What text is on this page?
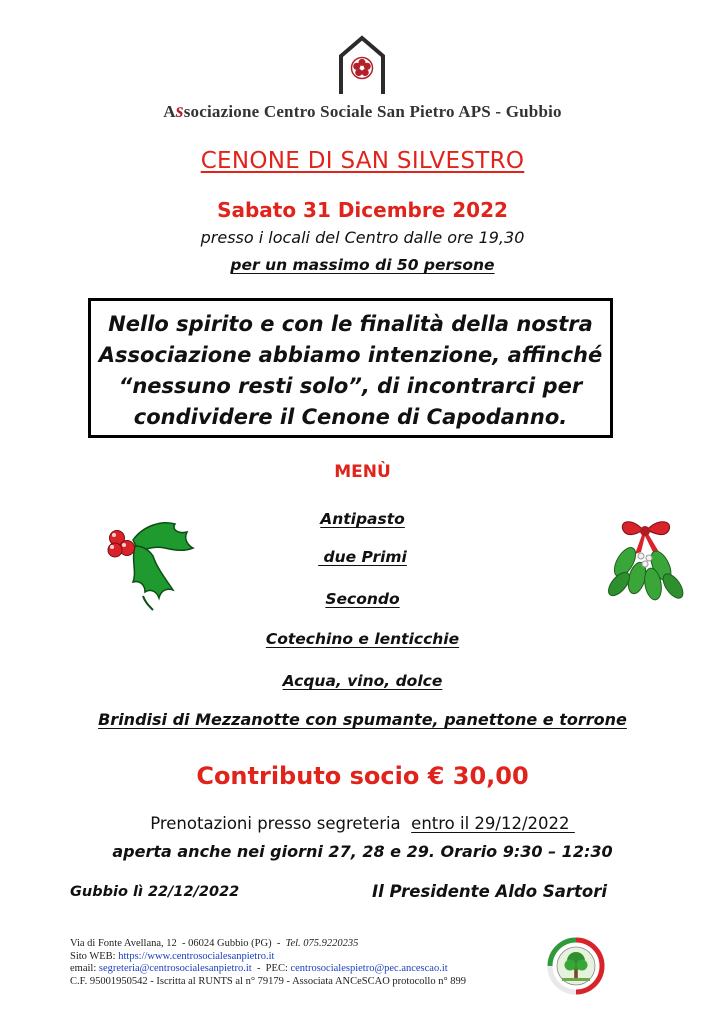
Associazione Centro Sociale San Pietro APS - Gubbio
CENONE DI SAN SILVESTRO
Sabato 31 Dicembre 2022
presso i locali del Centro dalle ore 19,30
per un massimo di 50 persone
Nello spirito e con le finalità della nostra
Associazione abbiamo intenzione, affinché
“nessuno resti solo”, di incontrarci per
condividere il Cenone di Capodanno.
MENÙ
Antipasto
due Primi
Secondo
Cotechino e lenticchie
Acqua, vino, dolce
Brindisi di Mezzanotte con spumante, panettone e torrone
Contributo socio € 30,00
Prenotazioni presso segreteria  entro il 29/12/2022
aperta anche nei giorni 27, 28 e 29. Orario 9:30 – 12:30
Gubbio lì 22/12/2022	Il Presidente Aldo Sartori
Via di Fonte Avellana, 12  - 06024 Gubbio (PG)  -  Tel. 075.9220235
Sito WEB: https://www.centrosocialesanpietro.it
email: segreteria@centrosocialesanpietro.it  -  PEC: centrosocialespietro@pec.ancescao.it
C.F. 95001950542 - Iscritta al RUNTS al n° 79179 - Associata ANCeSCAO protocollo n° 899
